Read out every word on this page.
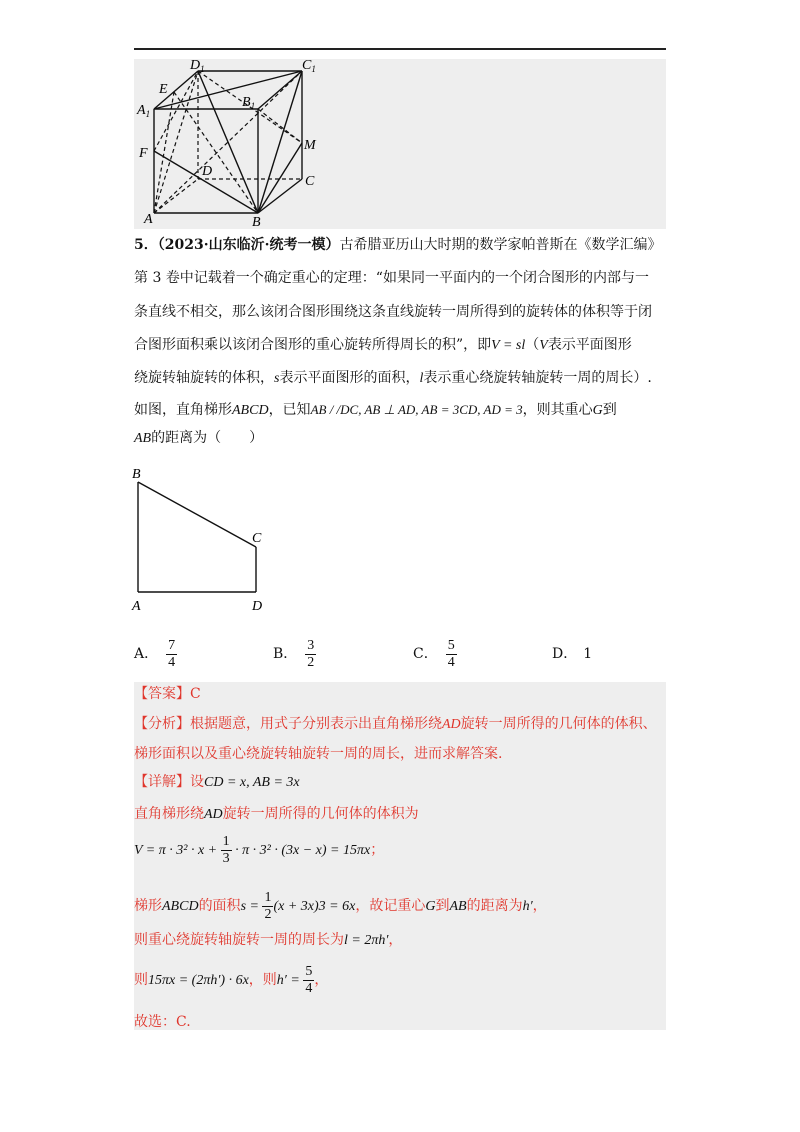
$D_1$	$C_1$
E
$B_1$
$A_1$
F
M
D
C
A	B
5．（2023·山东临沂·统考一模）古希腊亚历山大时期的数学家帕普斯在《数学汇编》
第 3 卷中记载着一个确定重心的定理：“如果同一平面内的一个闭合图形的内部与一
条直线不相交，那么该闭合图形围绕这条直线旋转一周所得到的旋转体的体积等于闭
合图形面积乘以该闭合图形的重心旋转所得周长的积”，即V = sl（V表示平面图形
绕旋转轴旋转的体积，s表示平面图形的面积，l表示重心绕旋转轴旋转一周的周长）.
如图，直角梯形ABCD，已知AB / /DC, AB ⊥ AD, AB = 3CD, AD = 3，则其重心G到
AB的距离为（　　）
B
C
A	D
A． $\frac{7}{4}$	B． $\frac{3}{2}$	C． $\frac{5}{4}$	D． 1
【答案】C
【分析】根据题意，用式子分别表示出直角梯形绕AD旋转一周所得的几何体的体积、
梯形面积以及重心绕旋转轴旋转一周的周长，进而求解答案.
【详解】设CD = x, AB = 3x
直角梯形绕AD旋转一周所得的几何体的体积为
$V = \pi \cdot 3^2 \cdot x + \frac{1}{3} \cdot \pi \cdot 3^2 \cdot (3x - x) = 15\pi x$；
梯形ABCD的面积$s = \frac{1}{2} (x + 3x)3 = 6x$，故记重心G到AB的距离为h′，
则重心绕旋转轴旋转一周的周长为l = 2πh′，
则15πx = (2πh′) · 6x，则$h' = \frac{5}{4}$ ，
故选：C.
